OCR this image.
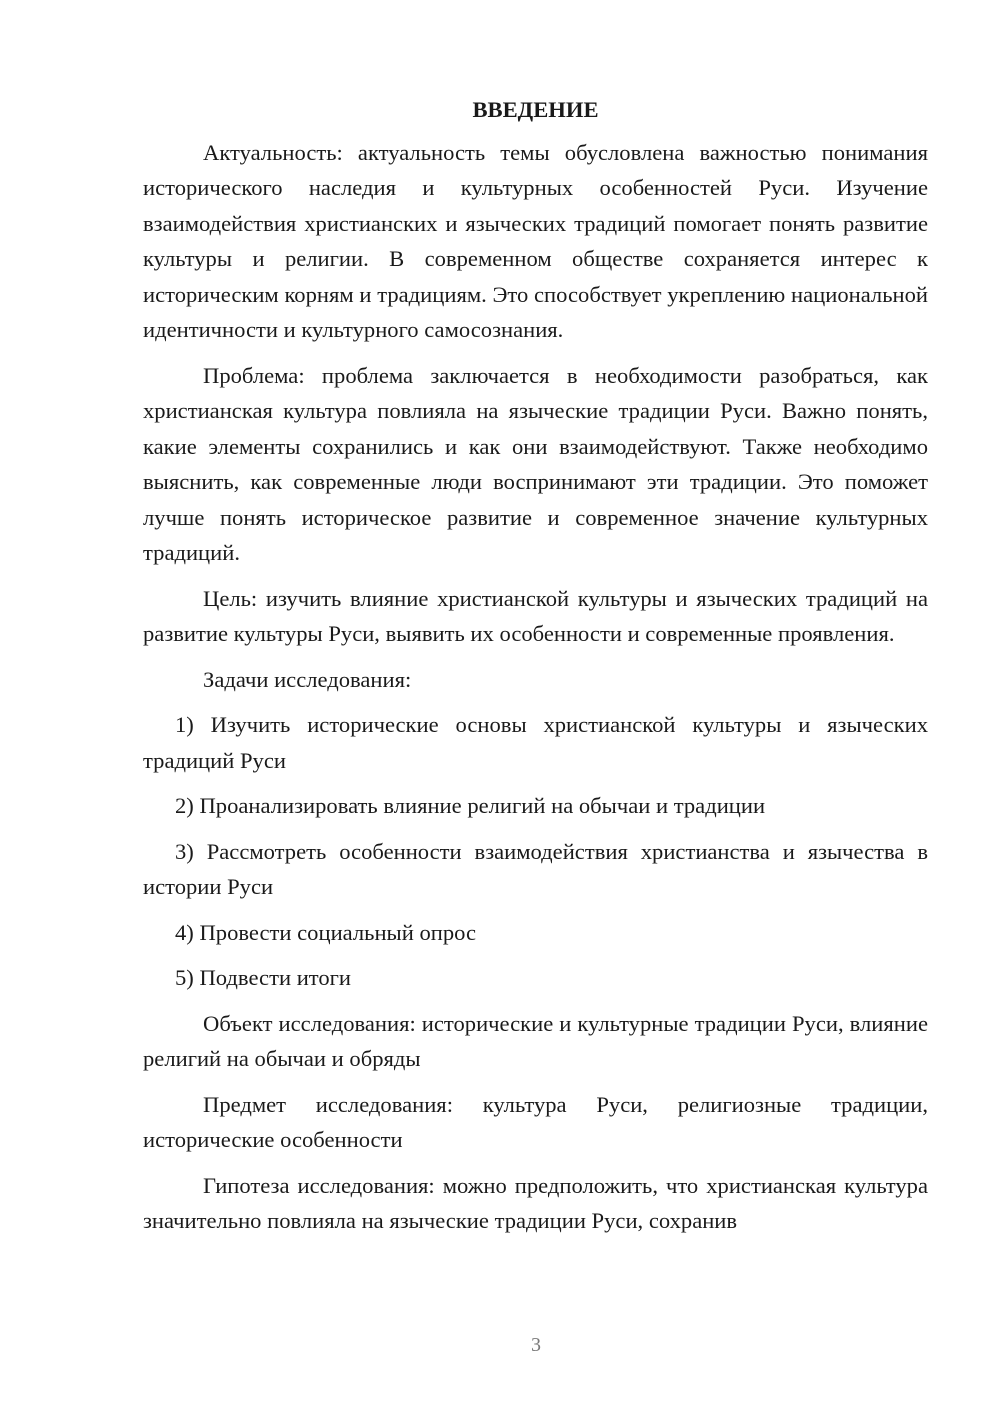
ВВЕДЕНИЕ

Актуальность: актуальность темы обусловлена важностью понимания исторического наследия и культурных особенностей Руси. Изучение взаимодействия христианских и языческих традиций помогает понять развитие культуры и религии. В современном обществе сохраняется интерес к историческим корням и традициям. Это способствует укреплению национальной идентичности и культурного самосознания.

Проблема: проблема заключается в необходимости разобраться, как христианская культура повлияла на языческие традиции Руси. Важно понять, какие элементы сохранились и как они взаимодействуют. Также необходимо выяснить, как современные люди воспринимают эти традиции. Это поможет лучше понять историческое развитие и современное значение культурных традиций.

Цель: изучить влияние христианской культуры и языческих традиций на развитие культуры Руси, выявить их особенности и современные проявления.

Задачи исследования:

1) Изучить исторические основы христианской культуры и языческих традиций Руси

2) Проанализировать влияние религий на обычаи и традиции

3) Рассмотреть особенности взаимодействия христианства и язычества в истории Руси

4) Провести социальный опрос

5) Подвести итоги

Объект исследования: исторические и культурные традиции Руси, влияние религий на обычаи и обряды

Предмет исследования: культура Руси, религиозные традиции, исторические особенности

Гипотеза исследования: можно предположить, что христианская культура значительно повлияла на языческие традиции Руси, сохранив

3
